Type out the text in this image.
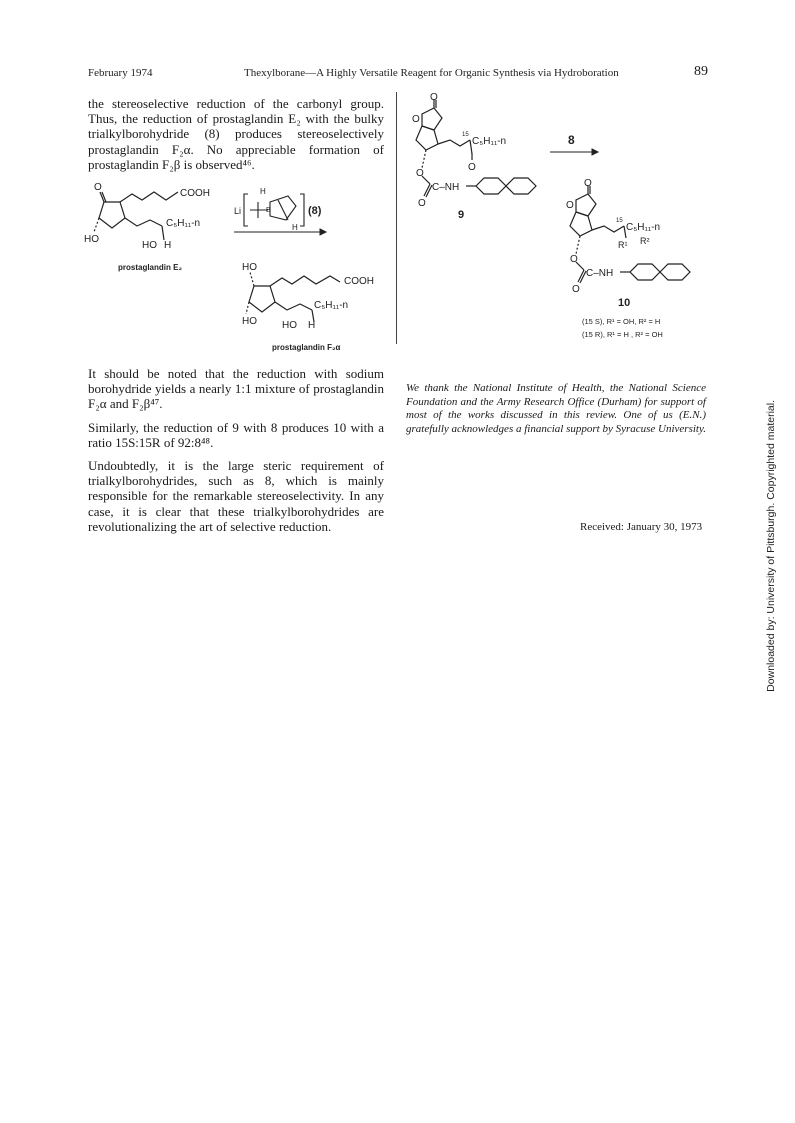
February 1974	Thexylborane—A Highly Versatile Reagent for Organic Synthesis via Hydroboration	89

the stereoselective reduction of the carbonyl group. Thus, the reduction of prostaglandin E₂ with the bulky trialkylborohydride (8) produces stereoselectively prostaglandin F₂α. No appreciable formation of prostaglandin F₂β is observed⁴⁶.

O
COOH
C₅H₁₁-n
HO
HO H
prostaglandin E₂
Li
H
B
H
(8)
HO
COOH
C₅H₁₁-n
HO	HO H
prostaglandin F₂α

It should be noted that the reduction with sodium borohydride yields a nearly 1:1 mixture of prostaglandin F₂α and F₂β⁴⁷.

Similarly, the reduction of 9 with 8 produces 10 with a ratio 15S:15R of 92:8⁴⁸.

Undoubtedly, it is the large steric requirement of trialkylborohydrides, such as 8, which is mainly responsible for the remarkable stereoselectivity. In any case, it is clear that these trialkylborohydrides are revolutionalizing the art of selective reduction.

O
O
15
C₅H₁₁-n
O
O
C–NH
O
9
8
O
O
15
C₅H₁₁-n
R¹ R²
O
C–NH
O
10
(15 S), R¹ = OH, R² = H
(15 R), R¹ = H , R² = OH
We thank the National Institute of Health, the National Science Foundation and the Army Research Office (Durham) for support of most of the works discussed in this review. One of us (E.N.) gratefully acknowledges a financial support by Syracuse University.
Received: January 30, 1973	Downloaded by: University of Pittsburgh. Copyrighted material.
